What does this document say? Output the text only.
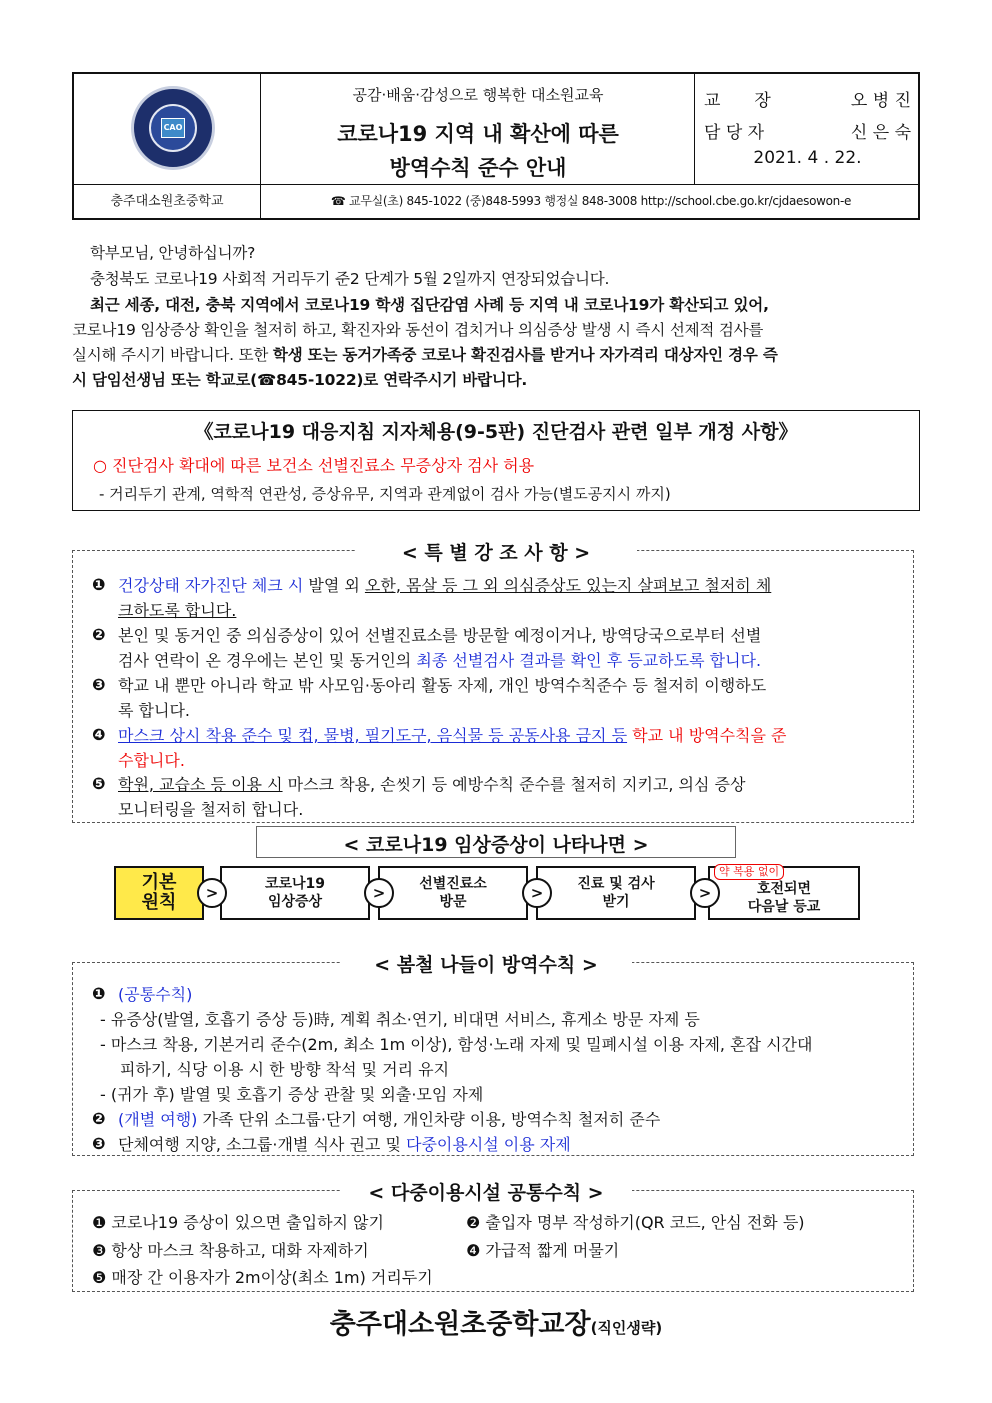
CAO
공감·배움·감성으로 행복한 대소원교육
코로나19 지역 내 확산에 따른
방역수칙 준수 안내
교　　장	오 병 진
담 당 자	신 은 숙
2021. 4 . 22.
충주대소원초중학교	☎ 교무실(초) 845-1022 (중)848-5993 행정실 848-3008 http://school.cbe.go.kr/cjdaesowon-e
학부모님, 안녕하십니까?
충청북도 코로나19 사회적 거리두기 준2 단계가 5월 2일까지 연장되었습니다.
최근 세종, 대전, 충북 지역에서 코로나19 학생 집단감염 사례 등 지역 내 코로나19가 확산되고 있어,
코로나19 임상증상 확인을 철저히 하고, 확진자와 동선이 겹치거나 의심증상 발생 시 즉시 선제적 검사를
실시해 주시기 바랍니다. 또한 학생 또는 동거가족중 코로나 확진검사를 받거나 자가격리 대상자인 경우 즉
시 담임선생님 또는 학교로(☎845-1022)로 연락주시기 바랍니다.
《코로나19 대응지침 지자체용(9-5판) 진단검사 관련 일부 개정 사항》
○ 진단검사 확대에 따른 보건소 선별진료소 무증상자 검사 허용
- 거리두기 관계, 역학적 연관성, 증상유무, 지역과 관계없이 검사 가능(별도공지시 까지)
< 특 별 강 조 사 항 >
❶ 건강상태 자가진단 체크 시 발열 외 오한, 몸살 등 그 외 의심증상도 있는지 살펴보고 철저히 체
크하도록 합니다.
❷ 본인 및 동거인 중 의심증상이 있어 선별진료소를 방문할 예정이거나, 방역당국으로부터 선별
검사 연락이 온 경우에는 본인 및 동거인의 최종 선별검사 결과를 확인 후 등교하도록 합니다.
❸ 학교 내 뿐만 아니라 학교 밖 사모임·동아리 활동 자제, 개인 방역수칙준수 등 철저히 이행하도
록 합니다.
❹ 마스크 상시 착용 준수 및 컵, 물병, 필기도구, 음식물 등 공동사용 금지 등 학교 내 방역수칙을 준
수합니다.
❺ 학원, 교습소 등 이용 시 마스크 착용, 손씻기 등 예방수칙 준수를 철저히 지키고, 의심 증상
모니터링을 철저히 합니다.
< 코로나19 임상증상이 나타나면 >
기본
원칙
코로나19
임상증상
선별진료소
방문
진료 및 검사
받기
호전되면
다음날 등교
약 복용 없이
>	>	>	>
< 봄철 나들이 방역수칙 >
❶ (공통수칙)
- 유증상(발열, 호흡기 증상 등)時, 계획 취소·연기, 비대면 서비스, 휴게소 방문 자제 등
- 마스크 착용, 기본거리 준수(2m, 최소 1m 이상), 함성·노래 자제 및 밀폐시설 이용 자제, 혼잡 시간대
피하기, 식당 이용 시 한 방향 착석 및 거리 유지
- (귀가 후) 발열 및 호흡기 증상 관찰 및 외출·모임 자제
❷ (개별 여행) 가족 단위 소그룹·단기 여행, 개인차량 이용, 방역수칙 철저히 준수
❸ 단체여행 지양, 소그룹·개별 식사 권고 및 다중이용시설 이용 자제
< 다중이용시설 공통수칙 >
❶ 코로나19 증상이 있으면 출입하지 않기	❷ 출입자 명부 작성하기(QR 코드, 안심 전화 등)
❸ 항상 마스크 착용하고, 대화 자제하기	❹ 가급적 짧게 머물기
❺ 매장 간 이용자가 2m이상(최소 1m) 거리두기
충주대소원초중학교장(직인생략)
